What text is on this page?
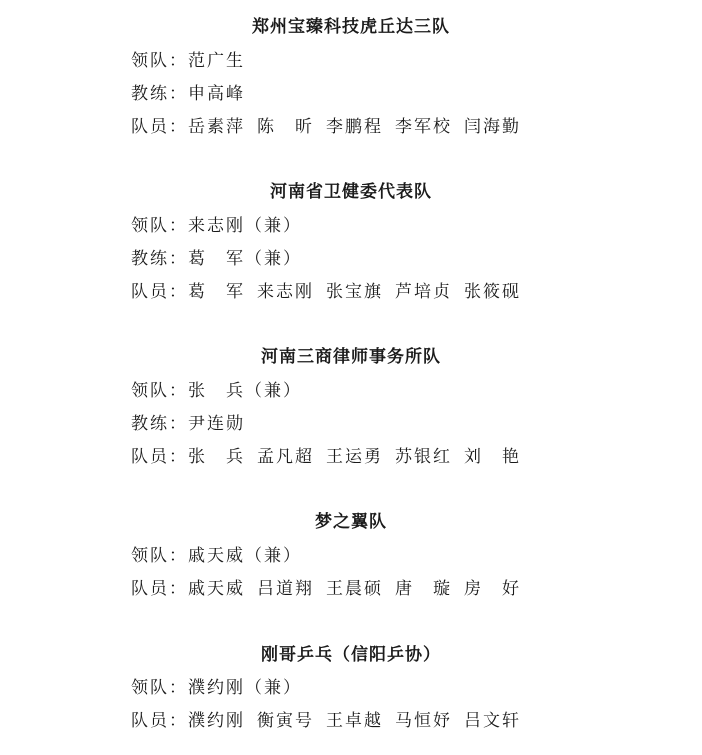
郑州宝臻科技虎丘达三队
领队：范广生
教练：申高峰
队员：岳素萍 陈　昕 李鹏程 李军校 闫海勤
河南省卫健委代表队
领队：来志刚（兼）
教练：葛　军（兼）
队员：葛　军 来志刚 张宝旗 芦培贞 张筱砚
河南三商律师事务所队
领队：张　兵（兼）
教练：尹连勋
队员：张　兵 孟凡超 王运勇 苏银红 刘　艳
梦之翼队
领队：戚天威（兼）
队员：戚天威 吕道翔 王晨硕 唐　璇 房　好
刚哥乒乓（信阳乒协）
领队：濮约刚（兼）
队员：濮约刚 衡寅号 王卓越 马恒妤 吕文轩
